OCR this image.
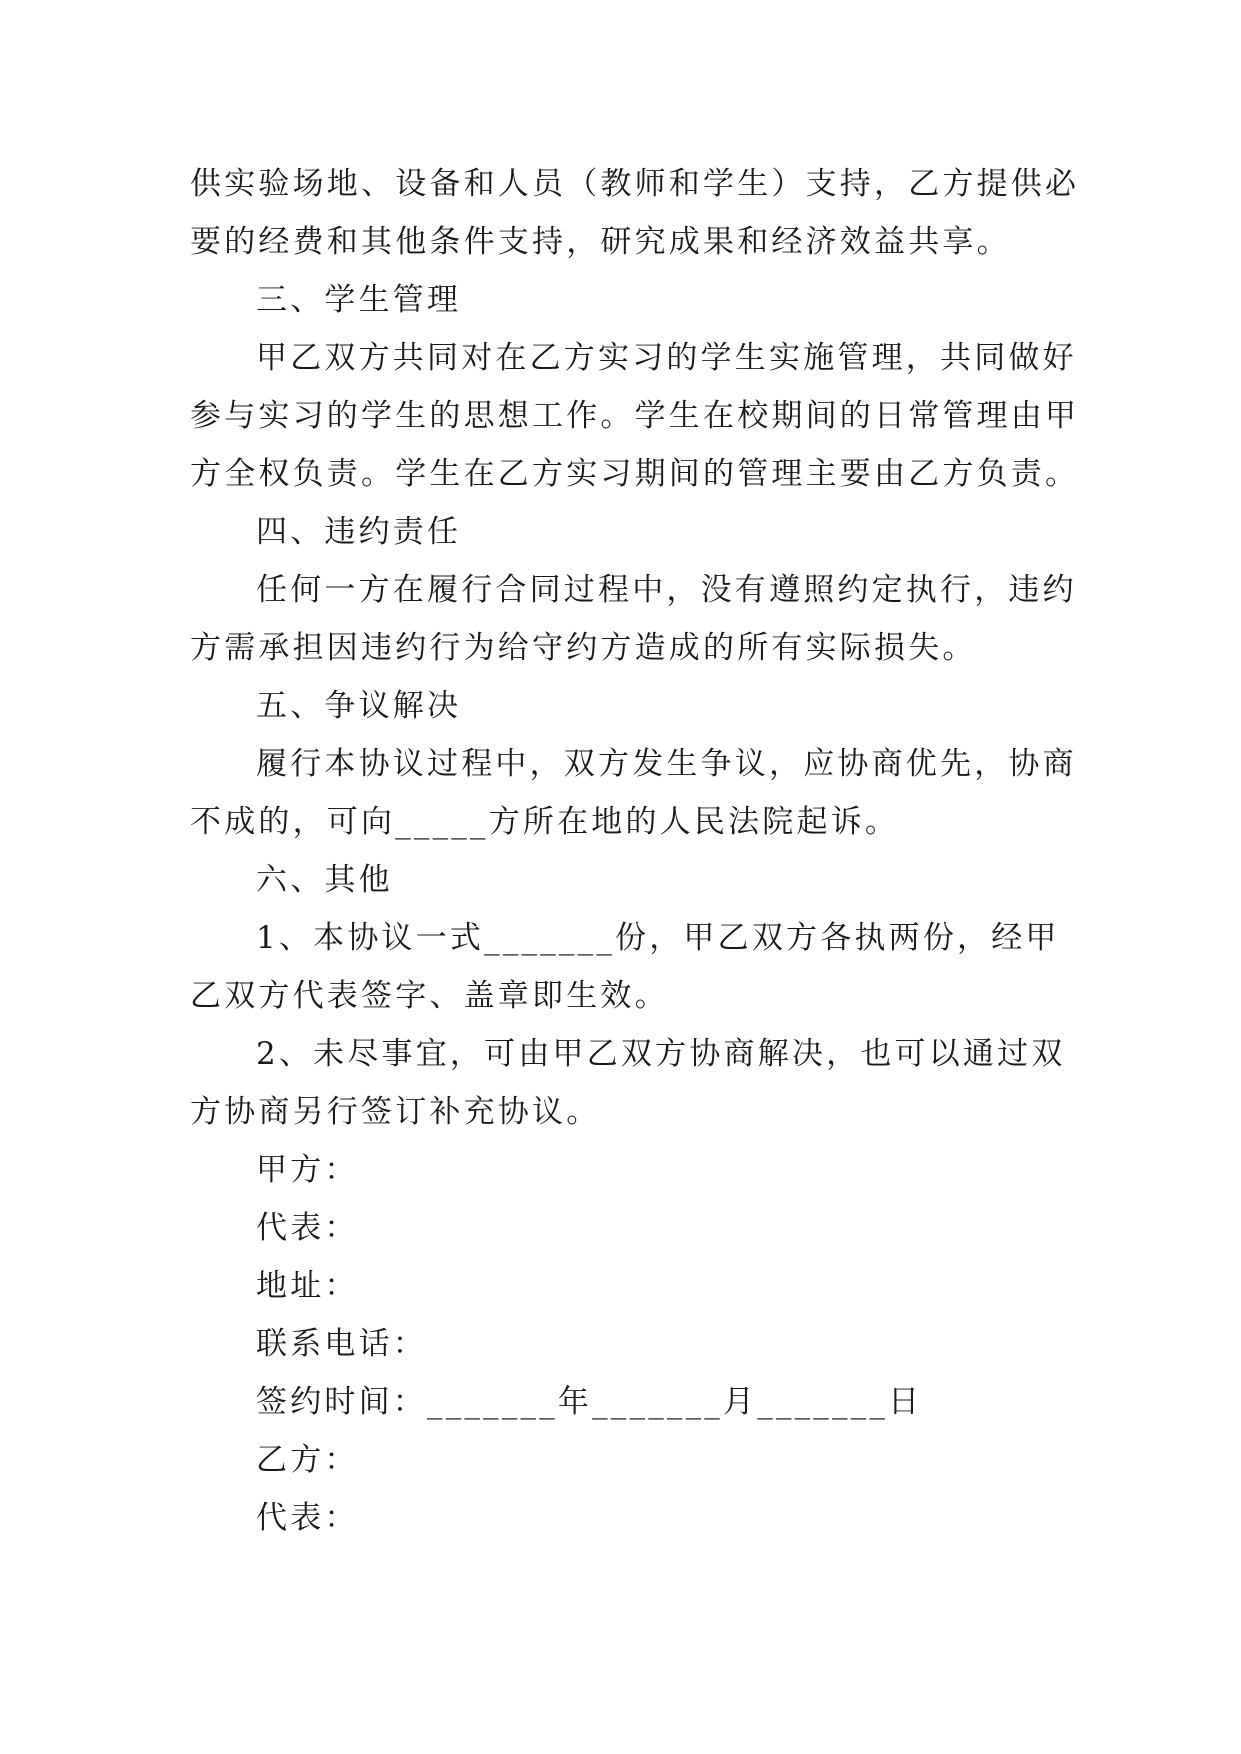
供实验场地、设备和人员（教师和学生）支持，乙方提供必
要的经费和其他条件支持，研究成果和经济效益共享。
三、学生管理
甲乙双方共同对在乙方实习的学生实施管理，共同做好
参与实习的学生的思想工作。学生在校期间的日常管理由甲
方全权负责。学生在乙方实习期间的管理主要由乙方负责。
四、违约责任
任何一方在履行合同过程中，没有遵照约定执行，违约
方需承担因违约行为给守约方造成的所有实际损失。
五、争议解决
履行本协议过程中，双方发生争议，应协商优先，协商
不成的，可向_____方所在地的人民法院起诉。
六、其他
1、本协议一式_______份，甲乙双方各执两份，经甲
乙双方代表签字、盖章即生效。
2、未尽事宜，可由甲乙双方协商解决，也可以通过双
方协商另行签订补充协议。
甲方：
代表：
地址：
联系电话：
签约时间：_______年_______月_______日
乙方：
代表：
